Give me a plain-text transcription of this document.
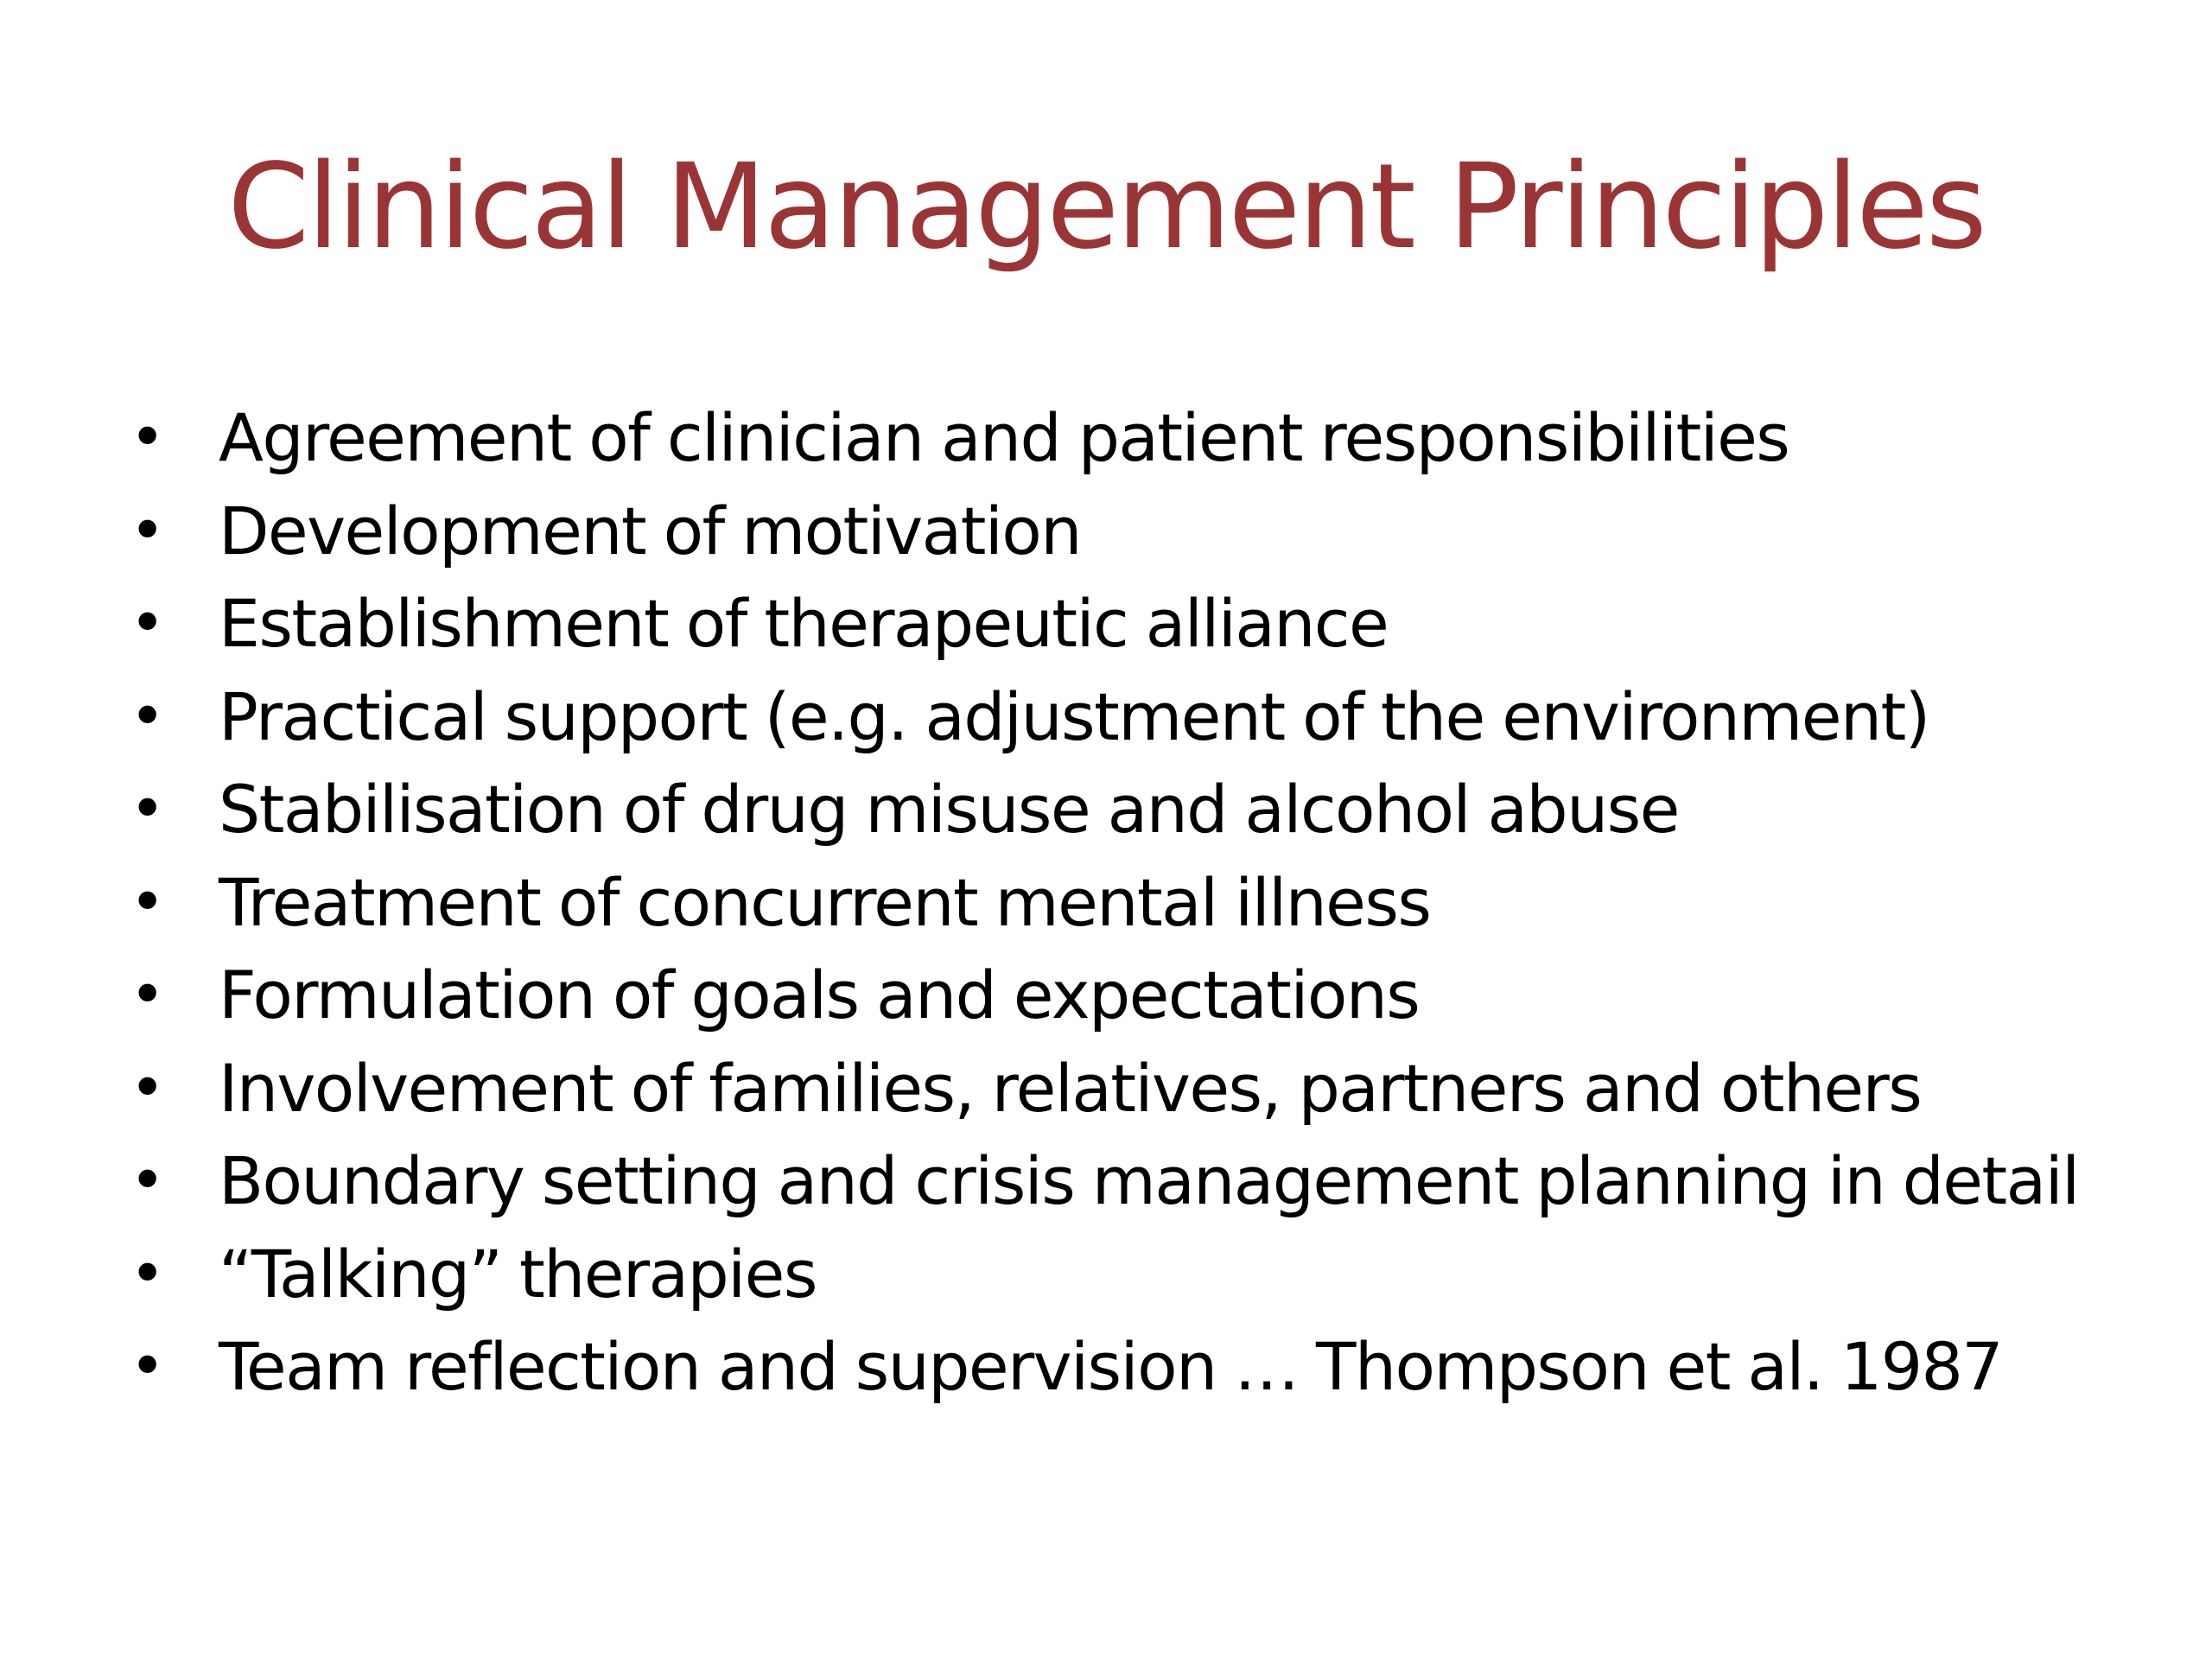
Clinical Management Principles
• Agreement of clinician and patient responsibilities
• Development of motivation
• Establishment of therapeutic alliance
• Practical support (e.g. adjustment of the environment)
• Stabilisation of drug misuse and alcohol abuse
• Treatment of concurrent mental illness
• Formulation of goals and expectations
• Involvement of families, relatives, partners and others
• Boundary setting and crisis management planning in detail
• “Talking” therapies
• Team reflection and supervision … Thompson et al. 1987
